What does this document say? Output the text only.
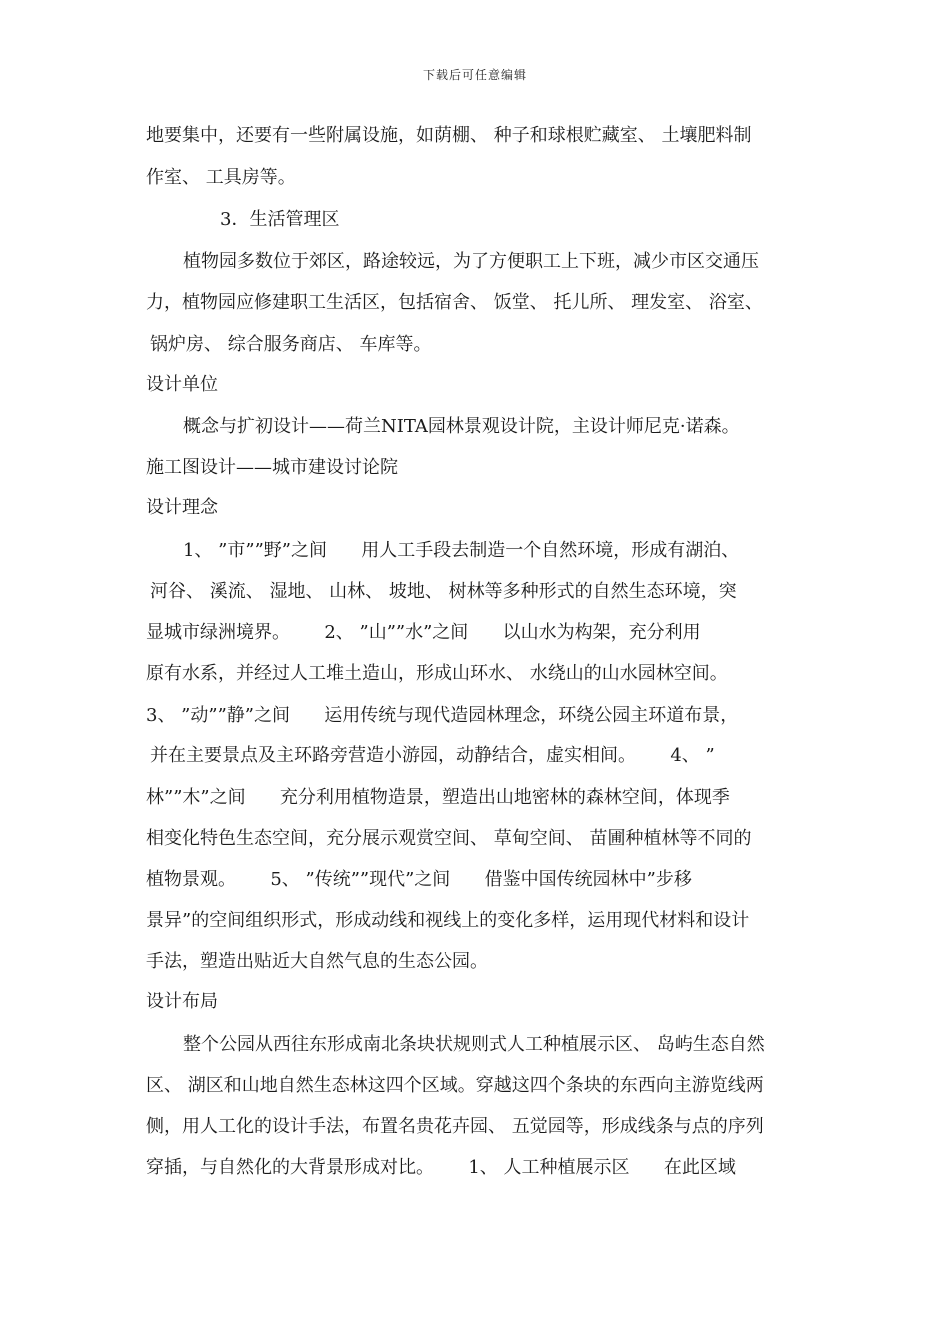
下载后可任意编辑
地要集中，还要有一些附属设施，如荫棚、 种子和球根贮藏室、 土壤肥料制
作室、 工具房等。
3．生活管理区
植物园多数位于郊区，路途较远，为了方便职工上下班，减少市区交通压
力，植物园应修建职工生活区，包括宿舍、 饭堂、 托儿所、 理发室、 浴室、
锅炉房、 综合服务商店、 车库等。
设计单位
概念与扩初设计——荷兰NITA园林景观设计院，主设计师尼克·诺森。
施工图设计——城市建设讨论院
设计理念
1、 ”市””野”之间      用人工手段去制造一个自然环境，形成有湖泊、
河谷、 溪流、 湿地、 山林、 坡地、 树林等多种形式的自然生态环境，突
显城市绿洲境界。      2、 ”山””水”之间      以山水为构架，充分利用
原有水系，并经过人工堆土造山，形成山环水、 水绕山的山水园林空间。
3、 ”动””静”之间      运用传统与现代造园林理念，环绕公园主环道布景，
并在主要景点及主环路旁营造小游园，动静结合，虚实相间。      4、 ”
林””木”之间      充分利用植物造景，塑造出山地密林的森林空间，体现季
相变化特色生态空间，充分展示观赏空间、 草甸空间、 苗圃种植林等不同的
植物景观。      5、 ”传统””现代”之间      借鉴中国传统园林中”步移
景异”的空间组织形式，形成动线和视线上的变化多样，运用现代材料和设计
手法，塑造出贴近大自然气息的生态公园。
设计布局
整个公园从西往东形成南北条块状规则式人工种植展示区、 岛屿生态自然
区、 湖区和山地自然生态林这四个区域。穿越这四个条块的东西向主游览线两
侧，用人工化的设计手法，布置名贵花卉园、 五觉园等，形成线条与点的序列
穿插，与自然化的大背景形成对比。      1、 人工种植展示区      在此区域
